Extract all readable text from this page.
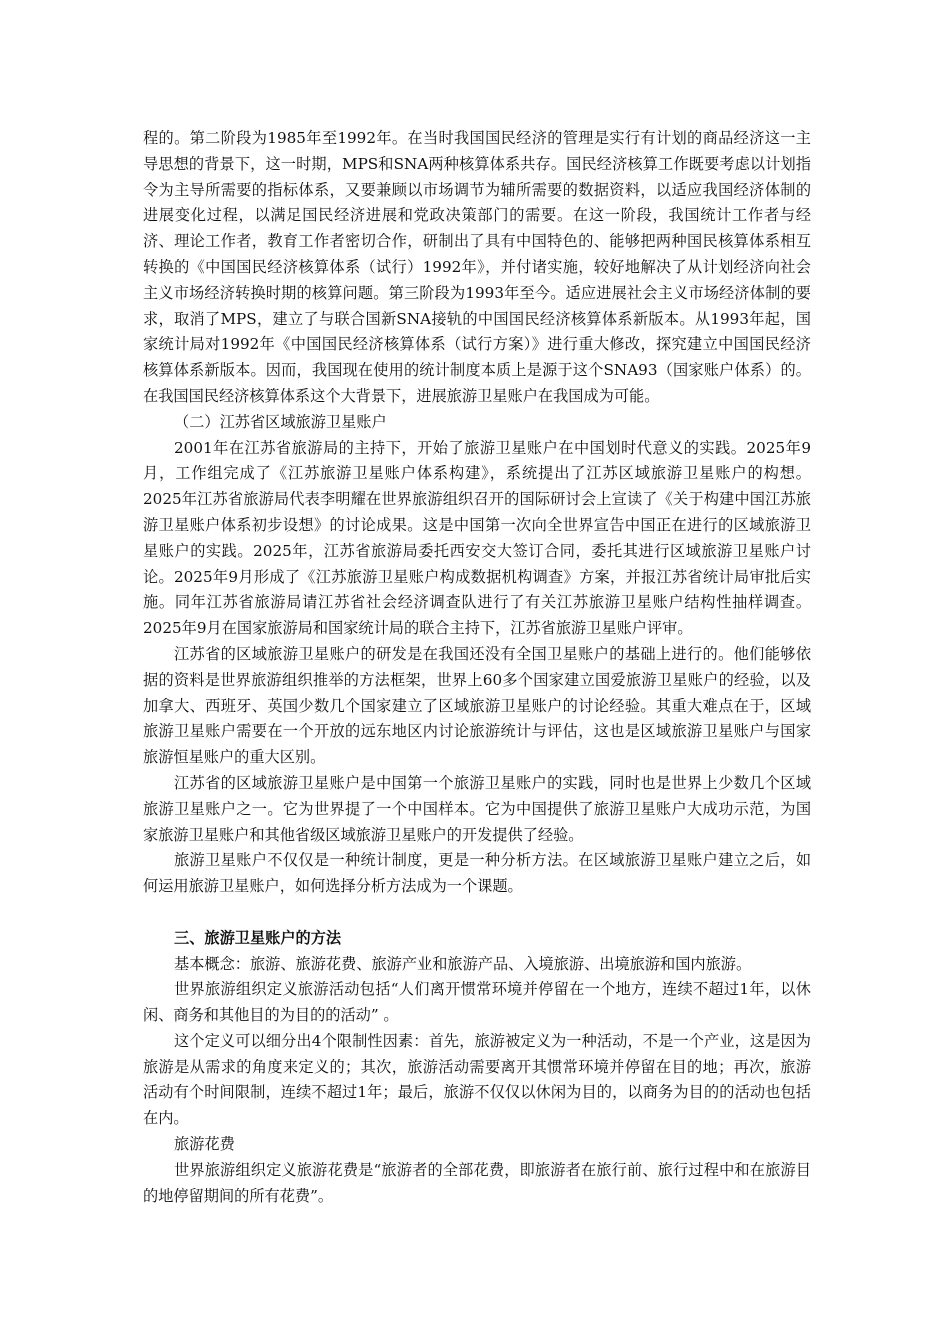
程的。第二阶段为1985年至1992年。在当时我国国民经济的管理是实行有计划的商品经济这一主导思想的背景下，这一时期，MPS和SNA两种核算体系共存。国民经济核算工作既要考虑以计划指令为主导所需要的指标体系，又要兼顾以市场调节为辅所需要的数据资料，以适应我国经济体制的进展变化过程，以满足国民经济进展和党政决策部门的需要。在这一阶段，我国统计工作者与经济、理论工作者，教育工作者密切合作，研制出了具有中国特色的、能够把两种国民核算体系相互转换的《中国国民经济核算体系（试行）1992年》，并付诸实施，较好地解决了从计划经济向社会主义市场经济转换时期的核算问题。第三阶段为1993年至今。适应进展社会主义市场经济体制的要求，取消了MPS，建立了与联合国新SNA接轨的中国国民经济核算体系新版本。从1993年起，国家统计局对1992年《中国国民经济核算体系（试行方案）》进行重大修改，探究建立中国国民经济核算体系新版本。因而，我国现在使用的统计制度本质上是源于这个SNA93（国家账户体系）的。在我国国民经济核算体系这个大背景下，进展旅游卫星账户在我国成为可能。

（二）江苏省区域旅游卫星账户

2001年在江苏省旅游局的主持下，开始了旅游卫星账户在中国划时代意义的实践。2025年9月，工作组完成了《江苏旅游卫星账户体系构建》，系统提出了江苏区域旅游卫星账户的构想。2025年江苏省旅游局代表李明耀在世界旅游组织召开的国际研讨会上宣读了《关于构建中国江苏旅游卫星账户体系初步设想》的讨论成果。这是中国第一次向全世界宣告中国正在进行的区域旅游卫星账户的实践。2025年，江苏省旅游局委托西安交大签订合同，委托其进行区域旅游卫星账户讨论。2025年9月形成了《江苏旅游卫星账户构成数据机构调查》方案，并报江苏省统计局审批后实施。同年江苏省旅游局请江苏省社会经济调查队进行了有关江苏旅游卫星账户结构性抽样调查。2025年9月在国家旅游局和国家统计局的联合主持下，江苏省旅游卫星账户评审。

江苏省的区域旅游卫星账户的研发是在我国还没有全国卫星账户的基础上进行的。他们能够依据的资料是世界旅游组织推举的方法框架，世界上60多个国家建立国爱旅游卫星账户的经验，以及加拿大、西班牙、英国少数几个国家建立了区域旅游卫星账户的讨论经验。其重大难点在于，区域旅游卫星账户需要在一个开放的远东地区内讨论旅游统计与评估，这也是区域旅游卫星账户与国家旅游恒星账户的重大区别。

江苏省的区域旅游卫星账户是中国第一个旅游卫星账户的实践，同时也是世界上少数几个区域旅游卫星账户之一。它为世界提了一个中国样本。它为中国提供了旅游卫星账户大成功示范，为国家旅游卫星账户和其他省级区域旅游卫星账户的开发提供了经验。

旅游卫星账户不仅仅是一种统计制度，更是一种分析方法。在区域旅游卫星账户建立之后，如何运用旅游卫星账户，如何选择分析方法成为一个课题。

三、旅游卫星账户的方法

基本概念：旅游、旅游花费、旅游产业和旅游产品、入境旅游、出境旅游和国内旅游。

世界旅游组织定义旅游活动包括“人们离开惯常环境并停留在一个地方，连续不超过1年，以休闲、商务和其他目的为目的的活动” 。

这个定义可以细分出4个限制性因素：首先，旅游被定义为一种活动，不是一个产业，这是因为旅游是从需求的角度来定义的；其次，旅游活动需要离开其惯常环境并停留在目的地；再次，旅游活动有个时间限制，连续不超过1年；最后，旅游不仅仅以休闲为目的，以商务为目的的活动也包括在内。

旅游花费

世界旅游组织定义旅游花费是“旅游者的全部花费，即旅游者在旅行前、旅行过程中和在旅游目的地停留期间的所有花费”。
